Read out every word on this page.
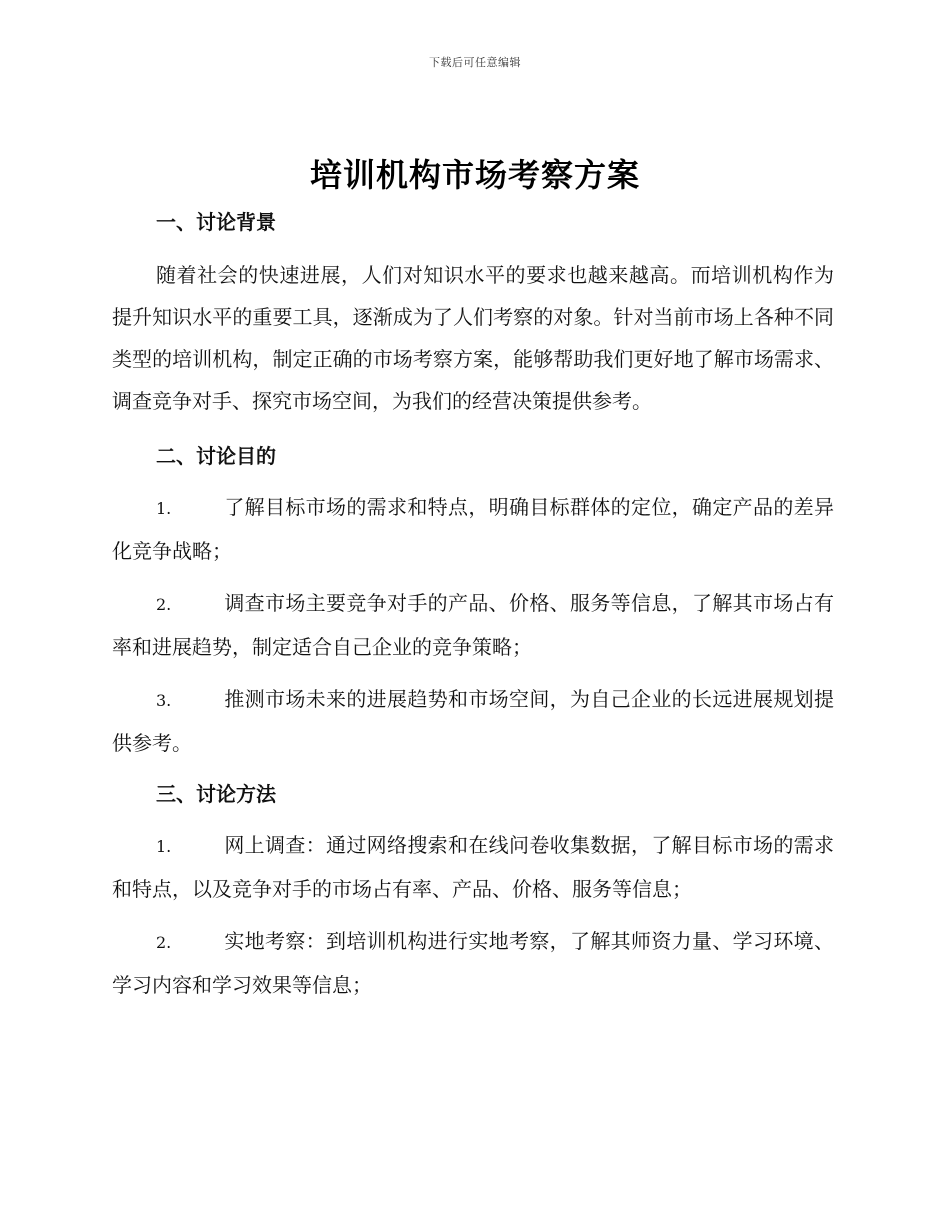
下载后可任意编辑
培训机构市场考察方案
一、讨论背景

随着社会的快速进展，人们对知识水平的要求也越来越高。而培训机构作为提升知识水平的重要工具，逐渐成为了人们考察的对象。针对当前市场上各种不同类型的培训机构，制定正确的市场考察方案，能够帮助我们更好地了解市场需求、调查竞争对手、探究市场空间，为我们的经营决策提供参考。

二、讨论目的

1.	了解目标市场的需求和特点，明确目标群体的定位，确定产品的差异化竞争战略；

2.	调查市场主要竞争对手的产品、价格、服务等信息，了解其市场占有率和进展趋势，制定适合自己企业的竞争策略；

3.	推测市场未来的进展趋势和市场空间，为自己企业的长远进展规划提供参考。

三、讨论方法

1.	网上调查：通过网络搜索和在线问卷收集数据，了解目标市场的需求和特点，以及竞争对手的市场占有率、产品、价格、服务等信息；

2.	实地考察：到培训机构进行实地考察，了解其师资力量、学习环境、学习内容和学习效果等信息；
